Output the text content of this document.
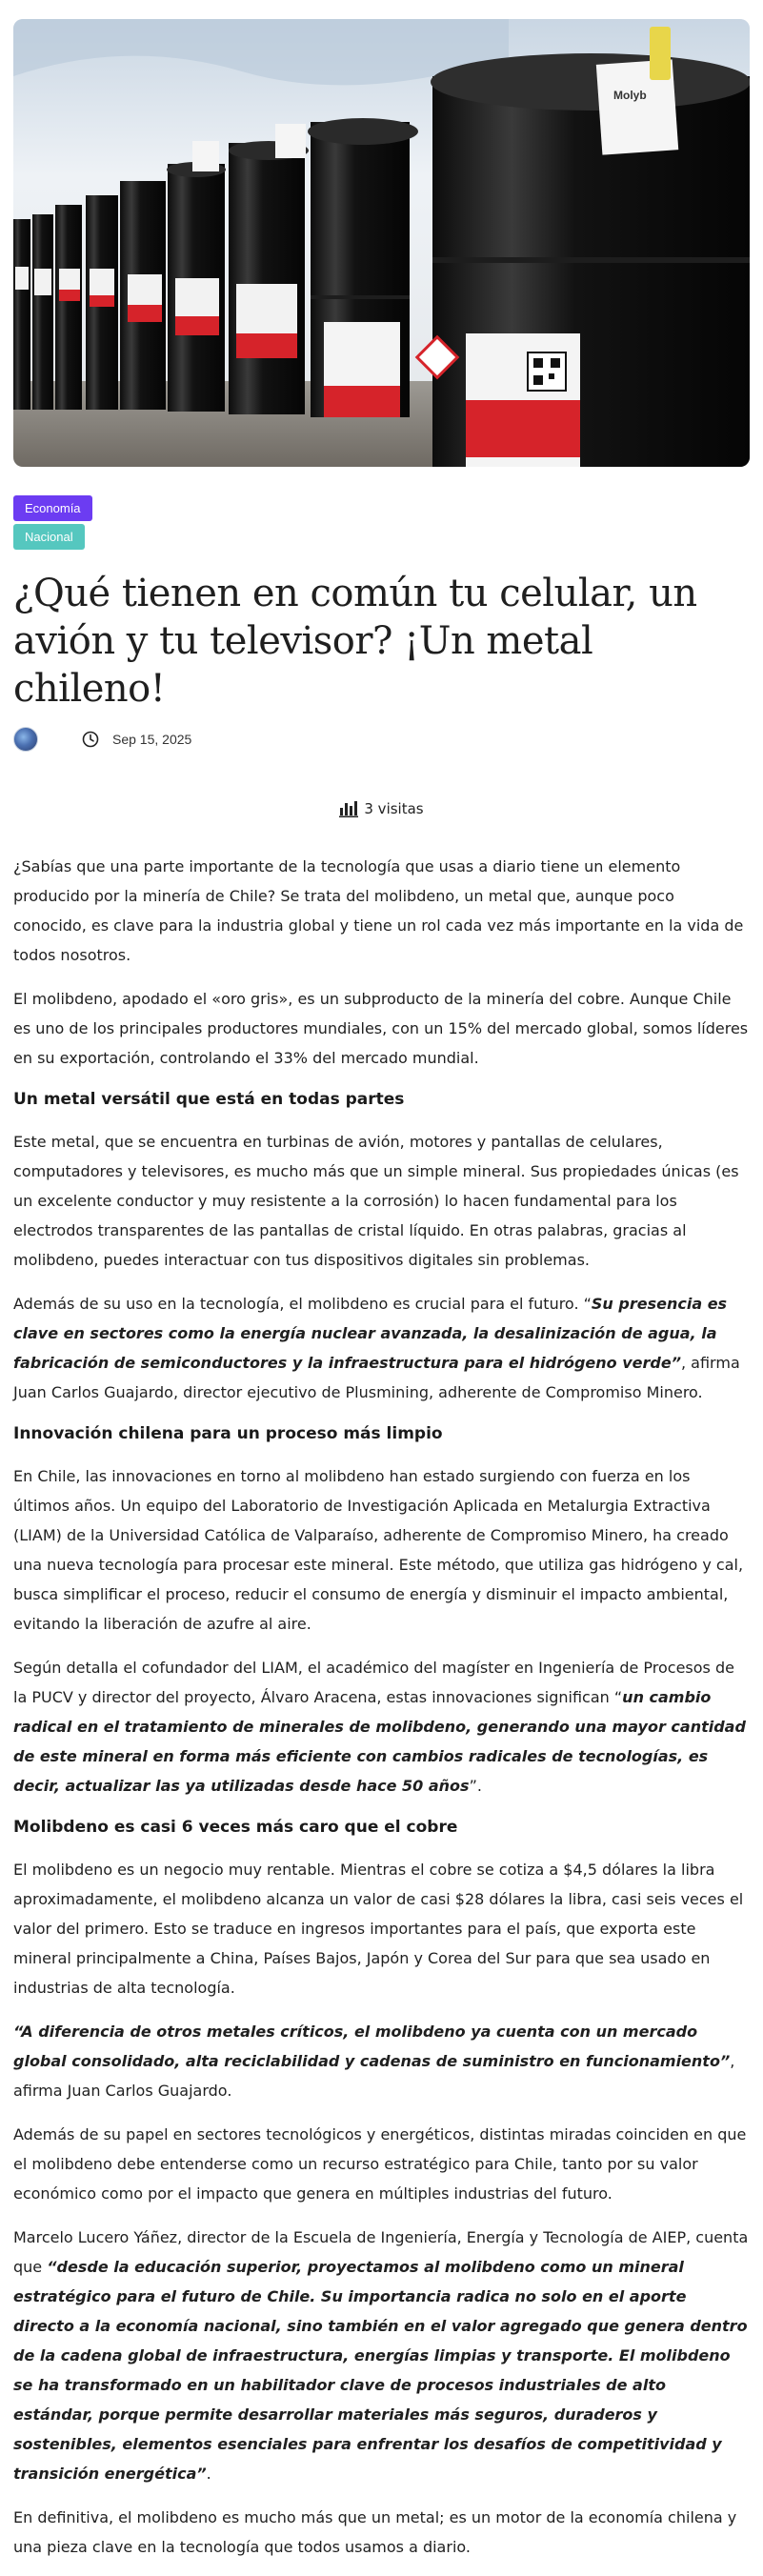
Molyb
Economía
Nacional
¿Qué tienen en común tu celular, un avión y tu televisor? ¡Un metal chileno!
Sep 15, 2025
3 visitas

¿Sabías que una parte importante de la tecnología que usas a diario tiene un elemento producido por la minería de Chile? Se trata del molibdeno, un metal que, aunque poco conocido, es clave para la industria global y tiene un rol cada vez más importante en la vida de todos nosotros.

El molibdeno, apodado el «oro gris», es un subproducto de la minería del cobre. Aunque Chile es uno de los principales productores mundiales, con un 15% del mercado global, somos líderes en su exportación, controlando el 33% del mercado mundial.

Un metal versátil que está en todas partes

Este metal, que se encuentra en turbinas de avión, motores y pantallas de celulares, computadores y televisores, es mucho más que un simple mineral. Sus propiedades únicas (es un excelente conductor y muy resistente a la corrosión) lo hacen fundamental para los electrodos transparentes de las pantallas de cristal líquido. En otras palabras, gracias al molibdeno, puedes interactuar con tus dispositivos digitales sin problemas.

Además de su uso en la tecnología, el molibdeno es crucial para el futuro. “Su presencia es clave en sectores como la energía nuclear avanzada, la desalinización de agua, la fabricación de semiconductores y la infraestructura para el hidrógeno verde”, afirma Juan Carlos Guajardo, director ejecutivo de Plusmining, adherente de Compromiso Minero.

Innovación chilena para un proceso más limpio

En Chile, las innovaciones en torno al molibdeno han estado surgiendo con fuerza en los últimos años. Un equipo del Laboratorio de Investigación Aplicada en Metalurgia Extractiva (LIAM) de la Universidad Católica de Valparaíso, adherente de Compromiso Minero, ha creado una nueva tecnología para procesar este mineral. Este método, que utiliza gas hidrógeno y cal, busca simplificar el proceso, reducir el consumo de energía y disminuir el impacto ambiental, evitando la liberación de azufre al aire.

Según detalla el cofundador del LIAM, el académico del magíster en Ingeniería de Procesos de la PUCV y director del proyecto, Álvaro Aracena, estas innovaciones significan “un cambio radical en el tratamiento de minerales de molibdeno, generando una mayor cantidad de este mineral en forma más eficiente con cambios radicales de tecnologías, es decir, actualizar las ya utilizadas desde hace 50 años”.

Molibdeno es casi 6 veces más caro que el cobre

El molibdeno es un negocio muy rentable. Mientras el cobre se cotiza a $4,5 dólares la libra aproximadamente, el molibdeno alcanza un valor de casi $28 dólares la libra, casi seis veces el valor del primero. Esto se traduce en ingresos importantes para el país, que exporta este mineral principalmente a China, Países Bajos, Japón y Corea del Sur para que sea usado en industrias de alta tecnología.

“A diferencia de otros metales críticos, el molibdeno ya cuenta con un mercado global consolidado, alta reciclabilidad y cadenas de suministro en funcionamiento”, afirma Juan Carlos Guajardo.

Además de su papel en sectores tecnológicos y energéticos, distintas miradas coinciden en que el molibdeno debe entenderse como un recurso estratégico para Chile, tanto por su valor económico como por el impacto que genera en múltiples industrias del futuro.

Marcelo Lucero Yáñez, director de la Escuela de Ingeniería, Energía y Tecnología de AIEP, cuenta que “desde la educación superior, proyectamos al molibdeno como un mineral estratégico para el futuro de Chile. Su importancia radica no solo en el aporte directo a la economía nacional, sino también en el valor agregado que genera dentro de la cadena global de infraestructura, energías limpias y transporte. El molibdeno se ha transformado en un habilitador clave de procesos industriales de alto estándar, porque permite desarrollar materiales más seguros, duraderos y sostenibles, elementos esenciales para enfrentar los desafíos de competitividad y transición energética”.

En definitiva, el molibdeno es mucho más que un metal; es un motor de la economía chilena y una pieza clave en la tecnología que todos usamos a diario.
